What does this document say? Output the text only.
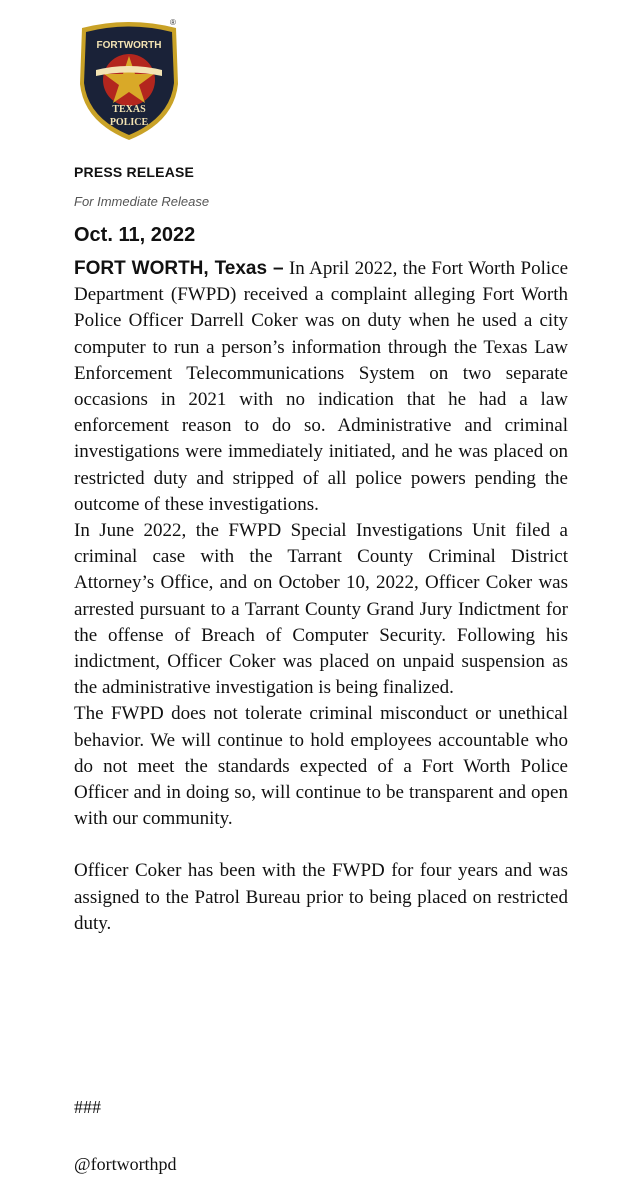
FORTWORTH
TEXAS
POLICE
®
PRESS RELEASE
For Immediate Release
Oct. 11, 2022

FORT WORTH, Texas – In April 2022, the Fort Worth Police Department (FWPD) received a complaint alleging Fort Worth Police Officer Darrell Coker was on duty when he used a city computer to run a person’s information through the Texas Law Enforcement Telecommunications System on two separate occasions in 2021 with no indication that he had a law enforcement reason to do so. Administrative and criminal investigations were immediately initiated, and he was placed on restricted duty and stripped of all police powers pending the outcome of these investigations.

In June 2022, the FWPD Special Investigations Unit filed a criminal case with the Tarrant County Criminal District Attorney’s Office, and on October 10, 2022, Officer Coker was arrested pursuant to a Tarrant County Grand Jury Indictment for the offense of Breach of Computer Security. Following his indictment, Officer Coker was placed on unpaid suspension as the administrative investigation is being finalized.

The FWPD does not tolerate criminal misconduct or unethical behavior. We will continue to hold employees accountable who do not meet the standards expected of a Fort Worth Police Officer and in doing so, will continue to be transparent and open with our community.

Officer Coker has been with the FWPD for four years and was assigned to the Patrol Bureau prior to being placed on restricted duty.

###
@fortworthpd
